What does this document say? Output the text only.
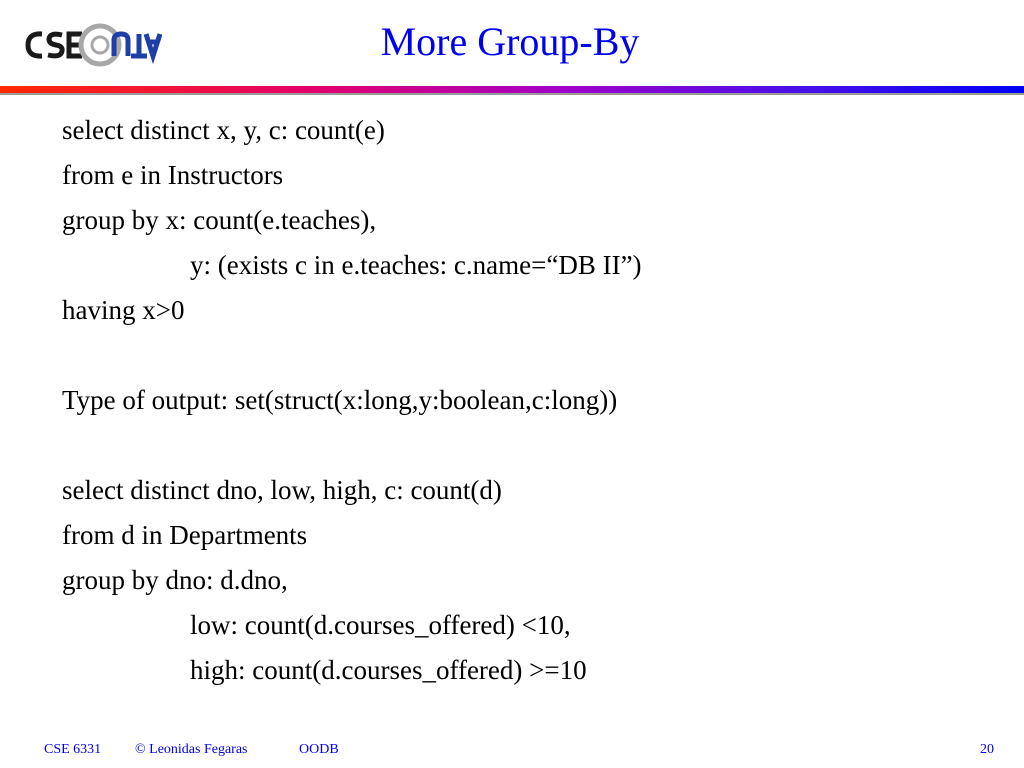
More Group-By
select distinct x, y, c: count(e)
from e in Instructors
group by x: count(e.teaches),
y: (exists c in e.teaches: c.name=“DB II”)
having x>0
Type of output: set(struct(x:long,y:boolean,c:long))
select distinct dno, low, high, c: count(d)
from d in Departments
group by dno: d.dno,
low: count(d.courses_offered) <10,
high: count(d.courses_offered) >=10
CSE 6331 © Leonidas Fegaras	OODB	20
